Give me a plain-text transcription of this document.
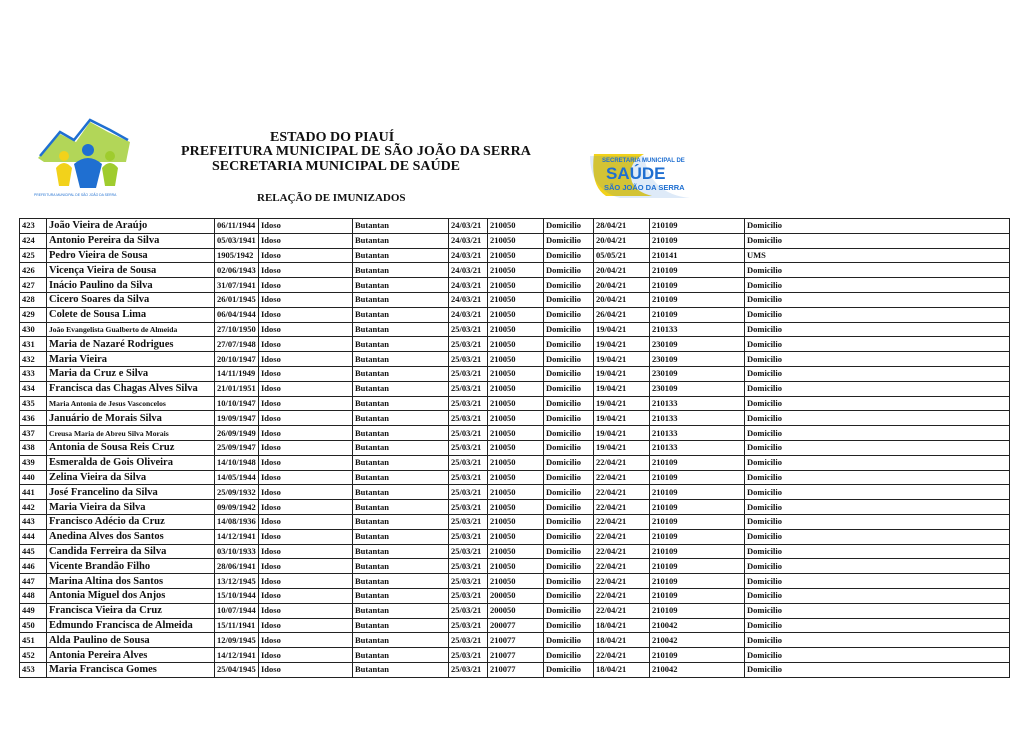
PREFEITURA MUNICIPAL DE SÃO JOÃO DA SERRA
SECRETARIA MUNICIPAL DE
SAÚDE
SÃO JOÃO DA SERRA
ESTADO DO PIAUÍ
PREFEITURA MUNICIPAL DE SÃO JOÃO DA SERRA
SECRETARIA MUNICIPAL DE SAÚDE
RELAÇÃO DE IMUNIZADOS
423	João Vieira de Araújo	06/11/1944	Idoso	Butantan	24/03/21	210050	Domicilio	28/04/21	210109	Domicilio
424	Antonio Pereira da Silva	05/03/1941	Idoso	Butantan	24/03/21	210050	Domicilio	20/04/21	210109	Domicilio
425	Pedro Vieira de Sousa	1905/1942	Idoso	Butantan	24/03/21	210050	Domicilio	05/05/21	210141	UMS
426	Vicença Vieira de Sousa	02/06/1943	Idoso	Butantan	24/03/21	210050	Domicilio	20/04/21	210109	Domicilio
427	Inácio Paulino da Silva	31/07/1941	Idoso	Butantan	24/03/21	210050	Domicilio	20/04/21	210109	Domicilio
428	Cicero Soares da Silva	26/01/1945	Idoso	Butantan	24/03/21	210050	Domicilio	20/04/21	210109	Domicilio
429	Colete de Sousa Lima	06/04/1944	Idoso	Butantan	24/03/21	210050	Domicilio	26/04/21	210109	Domicilio
430	João Evangelista Gualberto de Almeida	27/10/1950	Idoso	Butantan	25/03/21	210050	Domicilio	19/04/21	210133	Domicilio
431	Maria de Nazaré Rodrigues	27/07/1948	Idoso	Butantan	25/03/21	210050	Domicilio	19/04/21	230109	Domicilio
432	Maria Vieira	20/10/1947	Idoso	Butantan	25/03/21	210050	Domicilio	19/04/21	230109	Domicilio
433	Maria da Cruz e Silva	14/11/1949	Idoso	Butantan	25/03/21	210050	Domicilio	19/04/21	230109	Domicilio
434	Francisca das Chagas Alves Silva	21/01/1951	Idoso	Butantan	25/03/21	210050	Domicilio	19/04/21	230109	Domicilio
435	Maria Antonia de Jesus Vasconcelos	10/10/1947	Idoso	Butantan	25/03/21	210050	Domicilio	19/04/21	210133	Domicilio
436	Januário de Morais Silva	19/09/1947	Idoso	Butantan	25/03/21	210050	Domicilio	19/04/21	210133	Domicilio
437	Creusa Maria de Abreu Silva Morais	26/09/1949	Idoso	Butantan	25/03/21	210050	Domicilio	19/04/21	210133	Domicilio
438	Antonia de Sousa Reis Cruz	25/09/1947	Idoso	Butantan	25/03/21	210050	Domicilio	19/04/21	210133	Domicilio
439	Esmeralda de Gois Oliveira	14/10/1948	Idoso	Butantan	25/03/21	210050	Domicilio	22/04/21	210109	Domicilio
440	Zelina Vieira da Silva	14/05/1944	Idoso	Butantan	25/03/21	210050	Domicilio	22/04/21	210109	Domicilio
441	José Francelino da Silva	25/09/1932	Idoso	Butantan	25/03/21	210050	Domicilio	22/04/21	210109	Domicilio
442	Maria Vieira da Silva	09/09/1942	Idoso	Butantan	25/03/21	210050	Domicilio	22/04/21	210109	Domicilio
443	Francisco Adécio da Cruz	14/08/1936	Idoso	Butantan	25/03/21	210050	Domicilio	22/04/21	210109	Domicilio
444	Anedina Alves dos Santos	14/12/1941	Idoso	Butantan	25/03/21	210050	Domicilio	22/04/21	210109	Domicilio
445	Candida Ferreira da Silva	03/10/1933	Idoso	Butantan	25/03/21	210050	Domicilio	22/04/21	210109	Domicilio
446	Vicente Brandão Filho	28/06/1941	Idoso	Butantan	25/03/21	210050	Domicilio	22/04/21	210109	Domicilio
447	Marina Altina dos Santos	13/12/1945	Idoso	Butantan	25/03/21	210050	Domicilio	22/04/21	210109	Domicilio
448	Antonia Miguel dos Anjos	15/10/1944	Idoso	Butantan	25/03/21	200050	Domicilio	22/04/21	210109	Domicilio
449	Francisca Vieira da Cruz	10/07/1944	Idoso	Butantan	25/03/21	200050	Domicilio	22/04/21	210109	Domicilio
450	Edmundo Francisca de Almeida	15/11/1941	Idoso	Butantan	25/03/21	200077	Domicilio	18/04/21	210042	Domicilio
451	Alda Paulino de Sousa	12/09/1945	Idoso	Butantan	25/03/21	210077	Domicilio	18/04/21	210042	Domicilio
452	Antonia Pereira Alves	14/12/1941	Idoso	Butantan	25/03/21	210077	Domicilio	22/04/21	210109	Domicilio
453	Maria Francisca Gomes	25/04/1945	Idoso	Butantan	25/03/21	210077	Domicilio	18/04/21	210042	Domicilio
